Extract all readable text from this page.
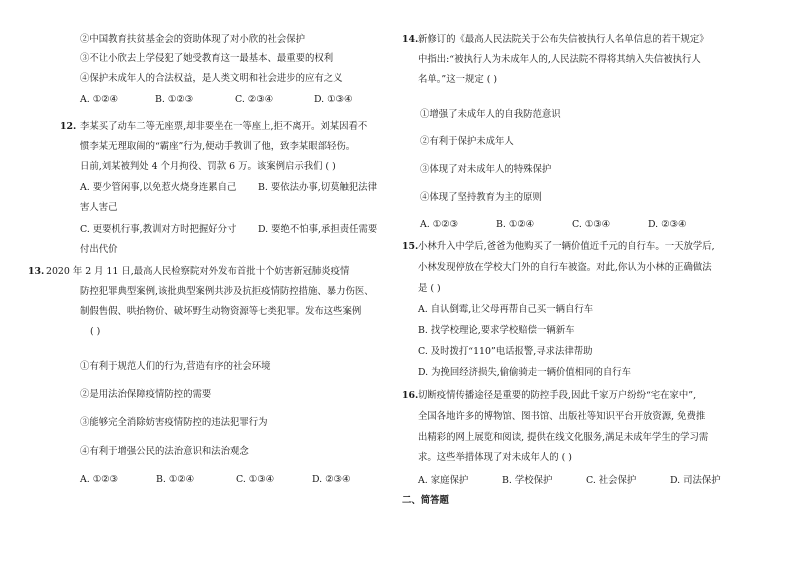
②中国教育扶贫基金会的资助体现了对小欣的社会保护
③不让小欣去上学侵犯了她受教育这一最基本、最重要的权利
④保护未成年人的合法权益，是人类文明和社会进步的应有之义
A. ①②④	B. ①②③	C. ②③④	D. ①③④
12. 李某买了动车二等无座票,却非要坐在一等座上,拒不离开。刘某因看不
惯李某无理取闹的“霸座”行为,便动手教训了他，致李某眼部轻伤。
日前,刘某被判处 4 个月拘役、罚款 6 万。该案例启示我们 ( )
A. 要少管闲事,以免惹火烧身连累自己 B. 要依法办事,切莫触犯法律
害人害己
C. 更要机行事,教训对方时把握好分寸 D. 要绝不怕事,承担责任需要
付出代价
13. 2020 年 2 月 11 日,最高人民检察院对外发布首批十个妨害新冠肺炎疫情
防控犯罪典型案例,该批典型案例共涉及抗拒疫情防控措施、暴力伤医、
制假售假、哄抬物价、破坏野生动物资源等七类犯罪。发布这些案例
( )
①有利于规范人们的行为,营造有序的社会环境
②是用法治保障疫情防控的需要
③能够完全消除妨害疫情防控的违法犯罪行为
④有利于增强公民的法治意识和法治观念
A. ①②③	B. ①②④	C. ①③④	D. ②③④
14. 新修订的《最高人民法院关于公布失信被执行人名单信息的若干规定》
中指出:“被执行人为未成年人的,人民法院不得将其纳入失信被执行人
名单。”这一规定 ( )
①增强了未成年人的自我防范意识
②有利于保护未成年人
③体现了对未成年人的特殊保护
④体现了坚持教育为主的原则
A. ①②③	B. ①②④	C. ①③④	D. ②③④
15. 小林升入中学后,爸爸为他购买了一辆价值近千元的自行车。一天放学后,
小林发现停放在学校大门外的自行车被盗。对此,你认为小林的正确做法
是 ( )
A. 自认倒霉,让父母再帮自己买一辆自行车
B. 找学校理论,要求学校赔偿一辆新车
C. 及时拨打“110”电话报警,寻求法律帮助
D. 为挽回经济损失,偷偷骑走一辆价值相同的自行车
16. 切断疫情传播途径是重要的防控手段,因此千家万户纷纷“宅在家中”,
全国各地许多的博物馆、图书馆、出版社等知识平台开放资源, 免费推
出精彩的网上展览和阅读, 提供在线文化服务,满足未成年学生的学习需
求。这些举措体现了对未成年人的 ( )
A. 家庭保护	B. 学校保护	C. 社会保护	D. 司法保护
二、简答题
